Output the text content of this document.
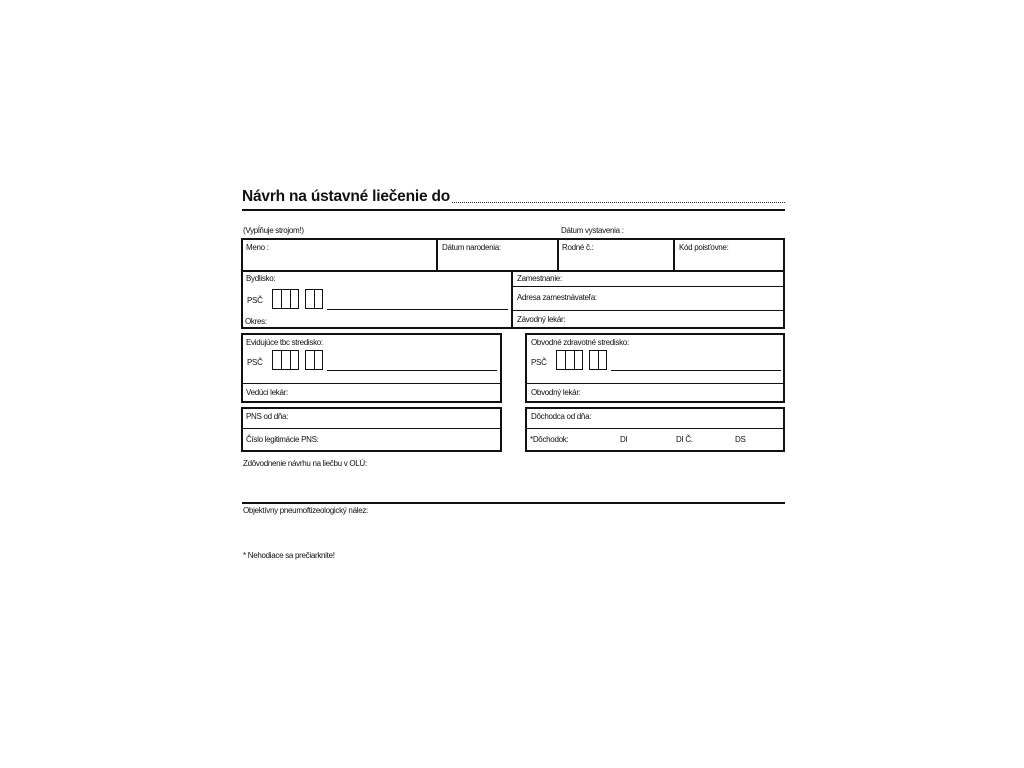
Návrh na ústavné liečenie do
(Vypĺňuje strojom!)	Dátum vystavenia :
Meno :	Dátum narodenia:	Rodné č.:	Kód poisťovne:
Bydlisko:
PSČ
Okres:
Zamestnanie:
Adresa zamestnávateľa:
Závodný lekár:
Evidujúce tbc stredisko:
PSČ
Vedúci lekár:
Obvodné zdravotné stredisko:
PSČ
Obvodný lekár:
PNS od dňa:
Číslo legitimácie PNS:
Dôchodca od dňa:
*Dôchodok:	DI	DI Č.	DS
Zdôvodnenie návrhu na liečbu v OLÚ:
Objektívny pneumoftizeologický nález:
* Nehodiace sa prečiarknite!
